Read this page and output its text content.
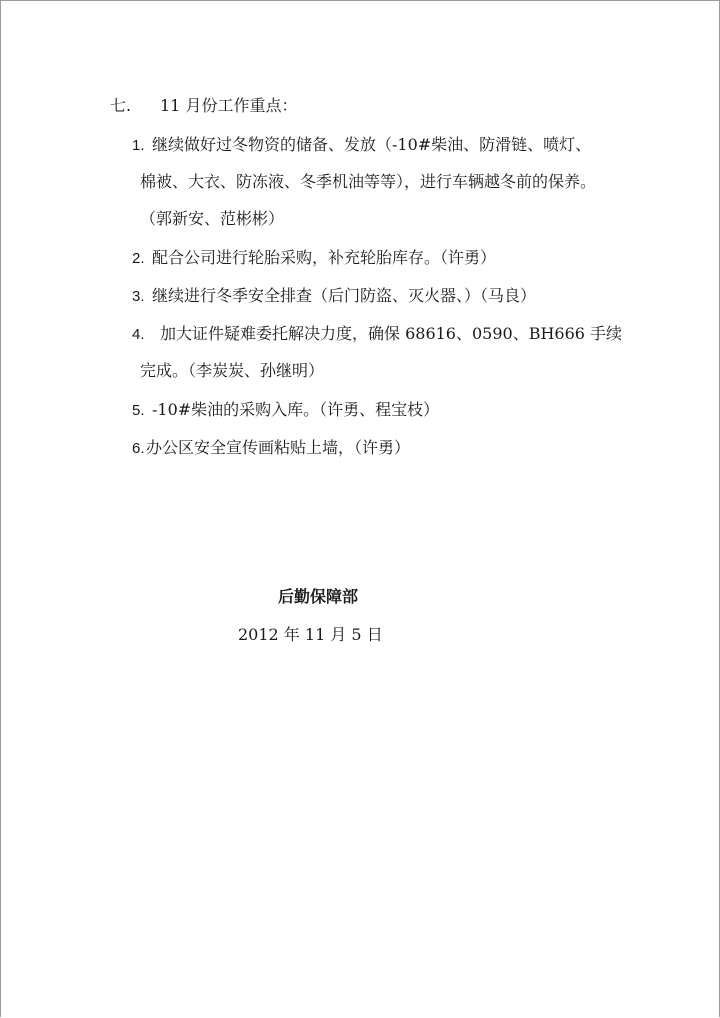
七. 11 月份工作重点：
1. 继续做好过冬物资的储备、发放（-10#柴油、防滑链、喷灯、
棉被、大衣、防冻液、冬季机油等等），进行车辆越冬前的保养。
（郭新安、范彬彬）
2. 配合公司进行轮胎采购，补充轮胎库存。（许勇）
3. 继续进行冬季安全排查（后门防盗、灭火器、）（马良）
4. 加大证件疑难委托解决力度，确保 68616、0590、BH666 手续
完成。（李炭炭、孙继明）
5. -10#柴油的采购入库。（许勇、程宝枝）
6. 办公区安全宣传画粘贴上墙，（许勇）
后勤保障部
2012 年 11 月 5 日
